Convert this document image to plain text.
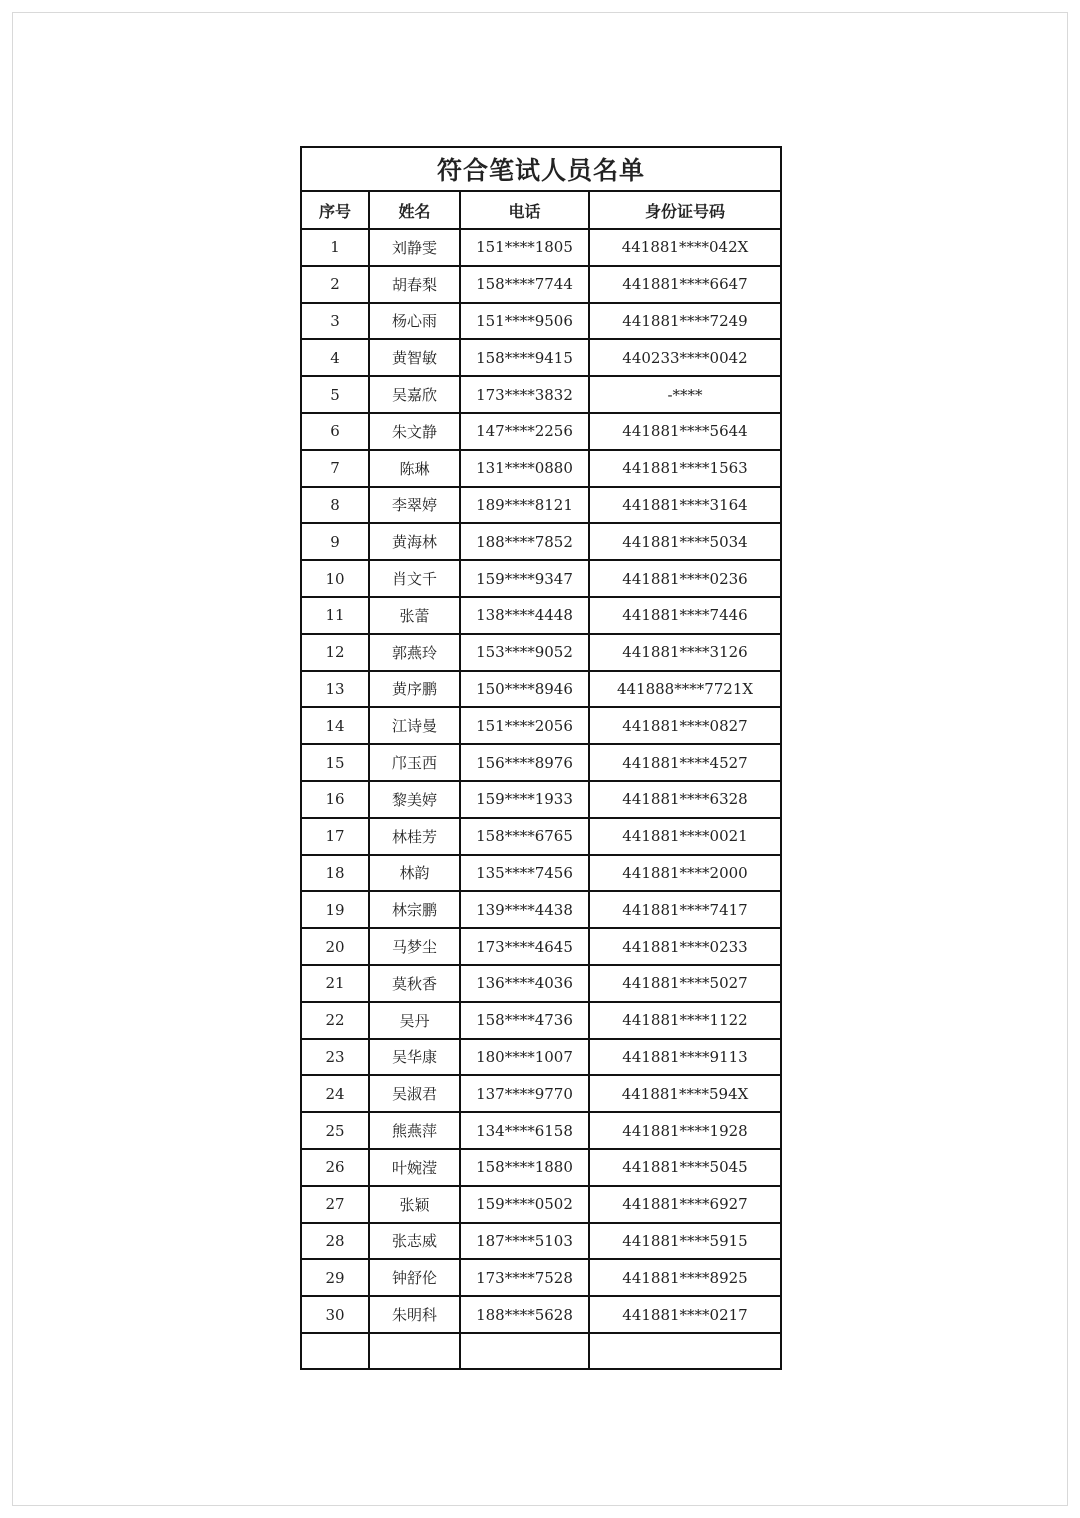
符合笔试人员名单			
序号	姓名	电话	身份证号码
1	刘静雯	151****1805	441881****042X
2	胡春梨	158****7744	441881****6647
3	杨心雨	151****9506	441881****7249
4	黄智敏	158****9415	440233****0042
5	吴嘉欣	173****3832	-****
6	朱文静	147****2256	441881****5644
7	陈琳	131****0880	441881****1563
8	李翠婷	189****8121	441881****3164
9	黄海林	188****7852	441881****5034
10	肖文千	159****9347	441881****0236
11	张蕾	138****4448	441881****7446
12	郭燕玲	153****9052	441881****3126
13	黄序鹏	150****8946	441888****7721X
14	江诗曼	151****2056	441881****0827
15	邝玉西	156****8976	441881****4527
16	黎美婷	159****1933	441881****6328
17	林桂芳	158****6765	441881****0021
18	林韵	135****7456	441881****2000
19	林宗鹏	139****4438	441881****7417
20	马梦尘	173****4645	441881****0233
21	莫秋香	136****4036	441881****5027
22	吴丹	158****4736	441881****1122
23	吴华康	180****1007	441881****9113
24	吴淑君	137****9770	441881****594X
25	熊燕萍	134****6158	441881****1928
26	叶婉滢	158****1880	441881****5045
27	张颖	159****0502	441881****6927
28	张志威	187****5103	441881****5915
29	钟舒伦	173****7528	441881****8925
30	朱明科	188****5628	441881****0217
